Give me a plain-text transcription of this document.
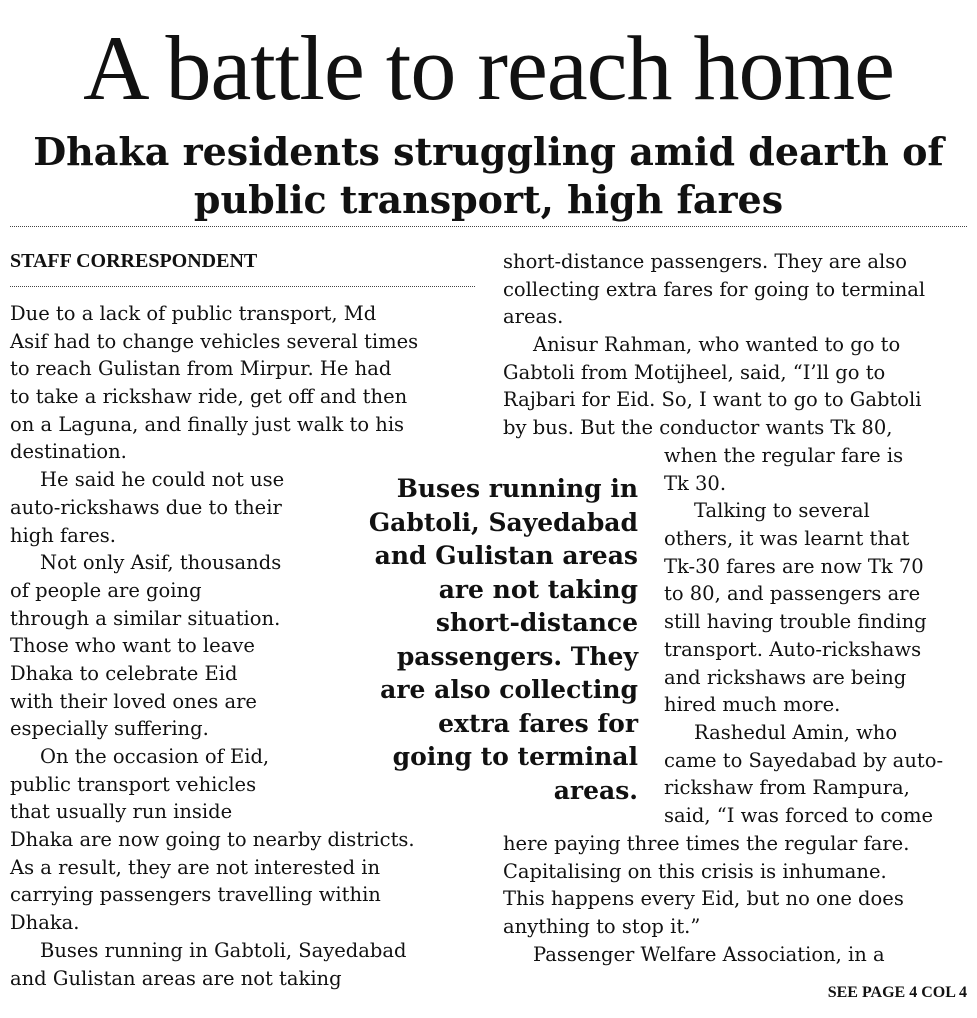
A battle to reach home
Dhaka residents struggling amid dearth of
public transport, high fares
STAFF CORRESPONDENT
Due to a lack of public transport, Md
Asif had to change vehicles several times
to reach Gulistan from Mirpur. He had
to take a rickshaw ride, get off and then
on a Laguna, and finally just walk to his
destination.
He said he could not use
auto-rickshaws due to their
high fares.
Not only Asif, thousands
of people are going
through a similar situation.
Those who want to leave
Dhaka to celebrate Eid
with their loved ones are
especially suffering.
On the occasion of Eid,
public transport vehicles
that usually run inside
Dhaka are now going to nearby districts.
As a result, they are not interested in
carrying passengers travelling within
Dhaka.
Buses running in Gabtoli, Sayedabad
and Gulistan areas are not taking
Buses running in
Gabtoli, Sayedabad
and Gulistan areas
are not taking
short-distance
passengers. They
are also collecting
extra fares for
going to terminal
areas.
short-distance passengers. They are also
collecting extra fares for going to terminal
areas.
Anisur Rahman, who wanted to go to
Gabtoli from Motijheel, said, “I’ll go to
Rajbari for Eid. So, I want to go to Gabtoli
by bus. But the conductor wants Tk 80,
when the regular fare is
Tk 30.
Talking to several
others, it was learnt that
Tk-30 fares are now Tk 70
to 80, and passengers are
still having trouble finding
transport. Auto-rickshaws
and rickshaws are being
hired much more.
Rashedul Amin, who
came to Sayedabad by auto-
rickshaw from Rampura,
said, “I was forced to come
here paying three times the regular fare.
Capitalising on this crisis is inhumane.
This happens every Eid, but no one does
anything to stop it.”
Passenger Welfare Association, in a
SEE PAGE 4 COL 4
